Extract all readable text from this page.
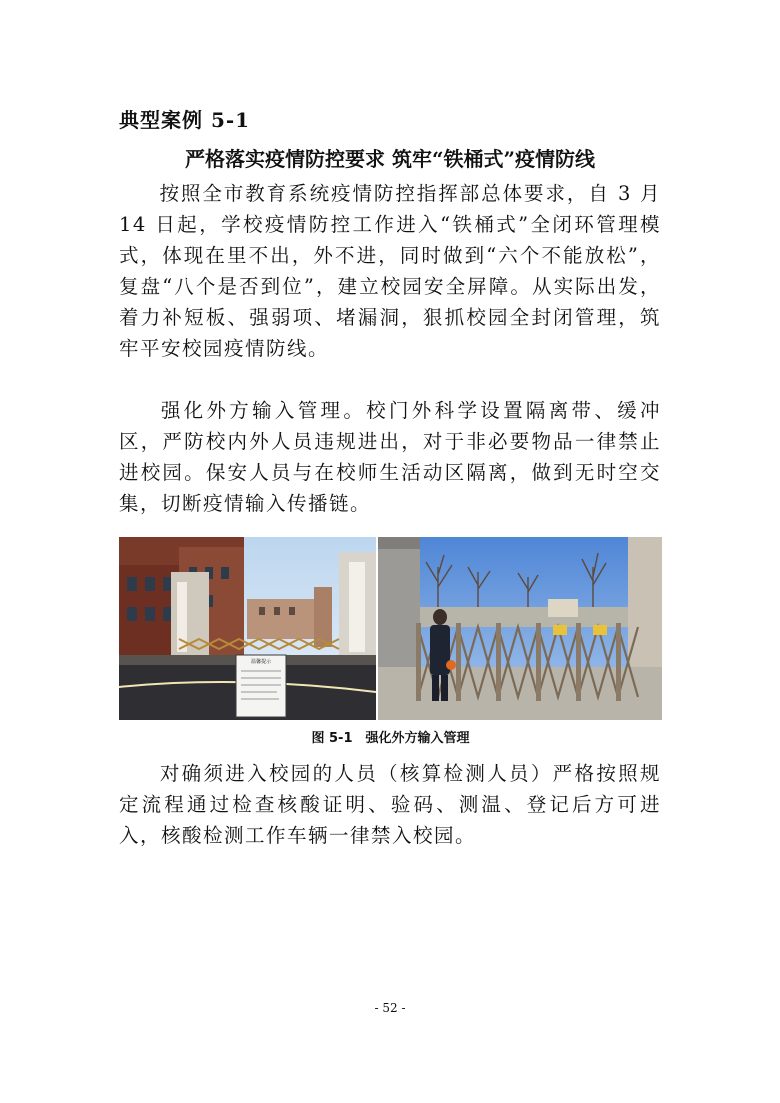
典型案例 5-1
严格落实疫情防控要求 筑牢“铁桶式”疫情防线
按照全市教育系统疫情防控指挥部总体要求，自 3 月 14 日起，学校疫情防控工作进入“铁桶式”全闭环管理模式，体现在里不出，外不进，同时做到“六个不能放松”，复盘“八个是否到位”，建立校园安全屏障。从实际出发，着力补短板、强弱项、堵漏洞，狠抓校园全封闭管理，筑牢平安校园疫情防线。
强化外方输入管理。校门外科学设置隔离带、缓冲区，严防校内外人员违规进出，对于非必要物品一律禁止进校园。保安人员与在校师生活动区隔离，做到无时空交集，切断疫情输入传播链。
温馨提示
图 5-1　强化外方输入管理
对确须进入校园的人员（核算检测人员）严格按照规定流程通过检查核酸证明、验码、测温、登记后方可进入，核酸检测工作车辆一律禁入校园。
- 52 -
